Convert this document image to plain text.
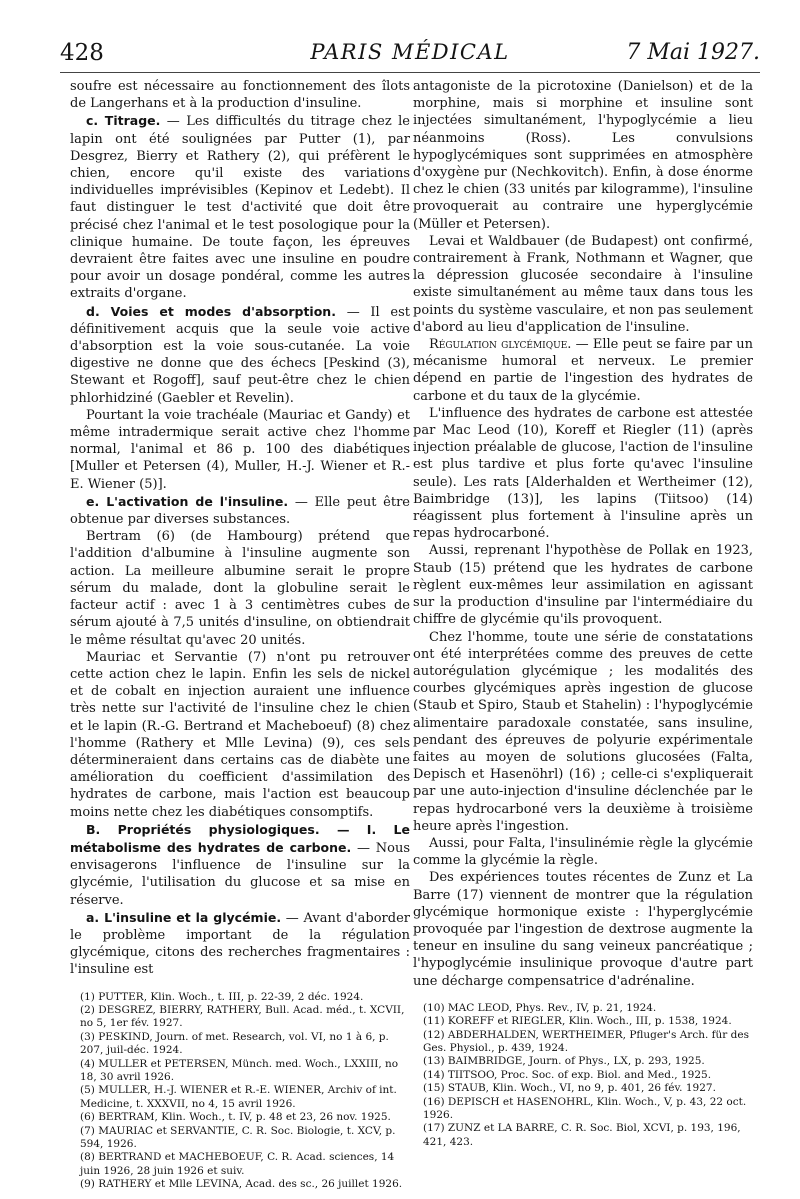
428	PARIS MÉDICAL	7 Mai 1927.

soufre est nécessaire au fonctionnement des îlots de Langerhans et à la production d'insuline.

c. Titrage. — Les difficultés du titrage chez le lapin ont été soulignées par Putter (1), par Desgrez, Bierry et Rathery (2), qui préfèrent le chien, encore qu'il existe des variations individuelles imprévisibles (Kepinov et Ledebt). Il faut distinguer le test d'activité que doit être précisé chez l'animal et le test posologique pour la clinique humaine. De toute façon, les épreuves devraient être faites avec une insuline en poudre pour avoir un dosage pondéral, comme les autres extraits d'organe.

d. Voies et modes d'absorption. — Il est définitivement acquis que la seule voie active d'absorption est la voie sous-cutanée. La voie digestive ne donne que des échecs [Peskind (3), Stewant et Rogoff], sauf peut-être chez le chien phlorhidziné (Gaebler et Revelin).

Pourtant la voie trachéale (Mauriac et Gandy) et même intradermique serait active chez l'homme normal, l'animal et 86 p. 100 des diabétiques [Muller et Petersen (4), Muller, H.-J. Wiener et R.-E. Wiener (5)].

e. L'activation de l'insuline. — Elle peut être obtenue par diverses substances.

Bertram (6) (de Hambourg) prétend que l'addition d'albumine à l'insuline augmente son action. La meilleure albumine serait le propre sérum du malade, dont la globuline serait le facteur actif : avec 1 à 3 centimètres cubes de sérum ajouté à 7,5 unités d'insuline, on obtiendrait le même résultat qu'avec 20 unités.

Mauriac et Servantie (7) n'ont pu retrouver cette action chez le lapin. Enfin les sels de nickel et de cobalt en injection auraient une influence très nette sur l'activité de l'insuline chez le chien et le lapin (R.-G. Bertrand et Macheboeuf) (8) chez l'homme (Rathery et Mlle Levina) (9), ces sels détermineraient dans certains cas de diabète une amélioration du coefficient d'assimilation des hydrates de carbone, mais l'action est beaucoup moins nette chez les diabétiques consomptifs.

B. Propriétés physiologiques. — I. Le métabolisme des hydrates de carbone. — Nous envisagerons l'influence de l'insuline sur la glycémie, l'utilisation du glucose et sa mise en réserve.

a. L'insuline et la glycémie. — Avant d'aborder le problème important de la régulation glycémique, citons des recherches fragmentaires : l'insuline est

(1) PUTTER, Klin. Woch., t. III, p. 22-39, 2 déc. 1924.

(2) DESGREZ, BIERRY, RATHERY, Bull. Acad. méd., t. XCVII, no 5, 1er fév. 1927.

(3) PESKIND, Journ. of met. Research, vol. VI, no 1 à 6, p. 207, juil-déc. 1924.

(4) MULLER et PETERSEN, Münch. med. Woch., LXXIII, no 18, 30 avril 1926.

(5) MULLER, H.-J. WIENER et R.-E. WIENER, Archiv of int. Medicine, t. XXXVII, no 4, 15 avril 1926.

(6) BERTRAM, Klin. Woch., t. IV, p. 48 et 23, 26 nov. 1925.

(7) MAURIAC et SERVANTIE, C. R. Soc. Biologie, t. XCV, p. 594, 1926.

(8) BERTRAND et MACHEBOEUF, C. R. Acad. sciences, 14 juin 1926, 28 juin 1926 et suiv.

(9) RATHERY et Mlle LEVINA, Acad. des sc., 26 juillet 1926.

antagoniste de la picrotoxine (Danielson) et de la morphine, mais si morphine et insuline sont injectées simultanément, l'hypoglycémie a lieu néanmoins (Ross). Les convulsions hypoglycémiques sont supprimées en atmosphère d'oxygène pur (Nechkovitch). Enfin, à dose énorme chez le chien (33 unités par kilogramme), l'insuline provoquerait au contraire une hyperglycémie (Müller et Petersen).

Levai et Waldbauer (de Budapest) ont confirmé, contrairement à Frank, Nothmann et Wagner, que la dépression glucosée secondaire à l'insuline existe simultanément au même taux dans tous les points du système vasculaire, et non pas seulement d'abord au lieu d'application de l'insuline.

Régulation glycémique. — Elle peut se faire par un mécanisme humoral et nerveux. Le premier dépend en partie de l'ingestion des hydrates de carbone et du taux de la glycémie.

L'influence des hydrates de carbone est attestée par Mac Leod (10), Koreff et Riegler (11) (après injection préalable de glucose, l'action de l'insuline est plus tardive et plus forte qu'avec l'insuline seule). Les rats [Alderhalden et Wertheimer (12), Baimbridge (13)], les lapins (Tiitsoo) (14) réagissent plus fortement à l'insuline après un repas hydrocarboné.

Aussi, reprenant l'hypothèse de Pollak en 1923, Staub (15) prétend que les hydrates de carbone règlent eux-mêmes leur assimilation en agissant sur la production d'insuline par l'intermédiaire du chiffre de glycémie qu'ils provoquent.

Chez l'homme, toute une série de constatations ont été interprétées comme des preuves de cette autorégulation glycémique ; les modalités des courbes glycémiques après ingestion de glucose (Staub et Spiro, Staub et Stahelin) : l'hypoglycémie alimentaire paradoxale constatée, sans insuline, pendant des épreuves de polyurie expérimentale faites au moyen de solutions glucosées (Falta, Depisch et Hasenöhrl) (16) ; celle-ci s'expliquerait par une auto-injection d'insuline déclenchée par le repas hydrocarboné vers la deuxième à troisième heure après l'ingestion.

Aussi, pour Falta, l'insulinémie règle la glycémie comme la glycémie la règle.

Des expériences toutes récentes de Zunz et La Barre (17) viennent de montrer que la régulation glycémique hormonique existe : l'hyperglycémie provoquée par l'ingestion de dextrose augmente la teneur en insuline du sang veineux pancréatique ; l'hypoglycémie insulinique provoque d'autre part une décharge compensatrice d'adrénaline.

(10) MAC LEOD, Phys. Rev., IV, p. 21, 1924.

(11) KOREFF et RIEGLER, Klin. Woch., III, p. 1538, 1924.

(12) ABDERHALDEN, WERTHEIMER, Pfluger's Arch. für des Ges. Physiol., p. 439, 1924.

(13) BAIMBRIDGE, Journ. of Phys., LX, p. 293, 1925.

(14) TIITSOO, Proc. Soc. of exp. Biol. and Med., 1925.

(15) STAUB, Klin. Woch., VI, no 9, p. 401, 26 fév. 1927.

(16) DEPISCH et HASENOHRL, Klin. Woch., V, p. 43, 22 oct. 1926.

(17) ZUNZ et LA BARRE, C. R. Soc. Biol, XCVI, p. 193, 196, 421, 423.
